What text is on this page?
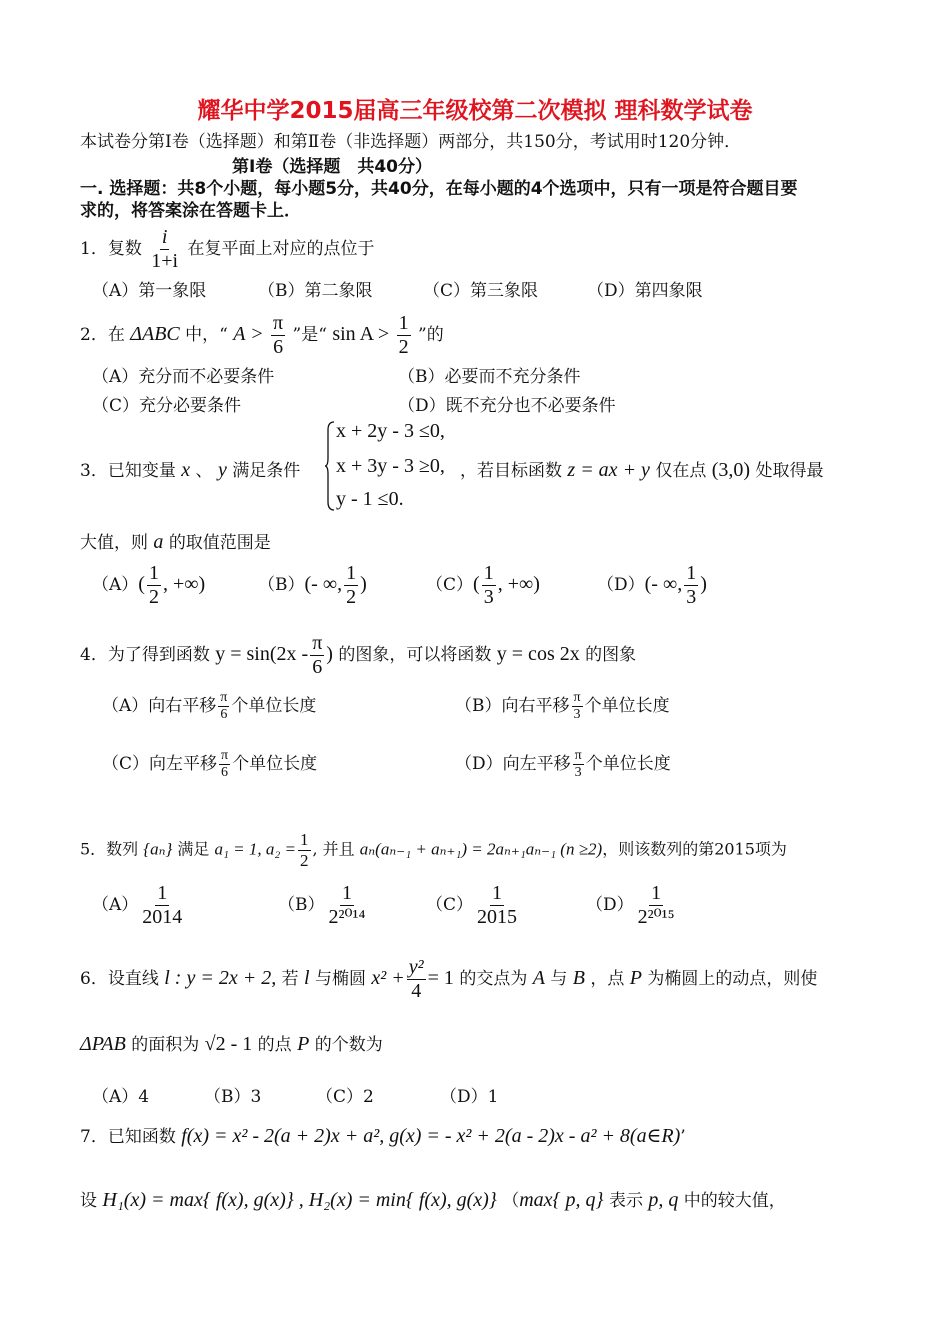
耀华中学2015届高三年级校第二次模拟 理科数学试卷
本试卷分第Ⅰ卷（选择题）和第Ⅱ卷（非选择题）两部分，共150分，考试用时120分钟．
第Ⅰ卷（选择题　共40分）
一. 选择题：共8个小题，每小题5分，共40分，在每小题的4个选项中，只有一项是符合题目要
求的，将答案涂在答题卡上．
1．复数 $\frac{i}{1+i}$ 在复平面上对应的点位于
（A）第一象限	（B）第二象限	（C）第三象限	（D）第四象限
2．在 ΔABC 中，“ $A > \frac{\pi}{6}$ ”是“ $\sin A > \frac{1}{2}$ ”的
（A）充分而不必要条件	（B）必要而不充分条件
（C）充分必要条件	（D）既不充分也不必要条件
3．已知变量 x 、 y 满足条件
x + 2y - 3 ≤0,
x + 3y - 3 ≥0,
y - 1 ≤0.
，若目标函数 z = ax + y 仅在点 (3,0) 处取得最
大值，则 a 的取值范围是
$(A)( \frac{1}{2}$ , +∞)	（B）(- ∞, $\frac{1}{2}$ )	$(C)( \frac{1}{3}$ , +∞)	（D）(- ∞, $\frac{1}{3}$ )
4．为了得到函数 $y = \sin(2x - \frac{\pi}{6}$ ) 的图象，可以将函数 y = cos 2x 的图象
（A）向右平移 $\frac{\pi}{6}$ 个单位长度	（B）向右平移 $\frac{\pi}{3}$ 个单位长度
（C）向左平移 $\frac{\pi}{6}$ 个单位长度	（D）向左平移 $\frac{\pi}{3}$ 个单位长度
5．数列 {aₙ} 满足 a₁ = 1, $a_2 = \frac{1}{2}$ , 并且 aₙ(aₙ₋₁ + aₙ₊₁) = 2aₙ₊₁aₙ₋₁ (n ≥2)，则该数列的第2015项为
$(A) \frac{1}{2014}$	$(B) \frac{1}{\text{2²⁰¹⁴}}$	$(C) \frac{1}{2015}$	$(D) \frac{1}{\text{2²⁰¹⁵}}$
6．设直线 l : y = 2x + 2, 若 l 与椭圆 $x^2 + \frac{\text{y²}}{4} = 1$ 的交点为 A 与 B ，点 P 为椭圆上的动点，则使
ΔPAB 的面积为 √2 - 1 的点 P 的个数为
（A）4	（B）3	（C）2	（D）1
7．已知函数 f(x) = x² - 2(a + 2)x + a², g(x) = - x² + 2(a - 2)x - a² + 8(a∈R)’
设 H₁(x) = max{ f(x), g(x)} , H₂(x) = min{ f(x), g(x)} （max{ p, q} 表示 p, q 中的较大值，
